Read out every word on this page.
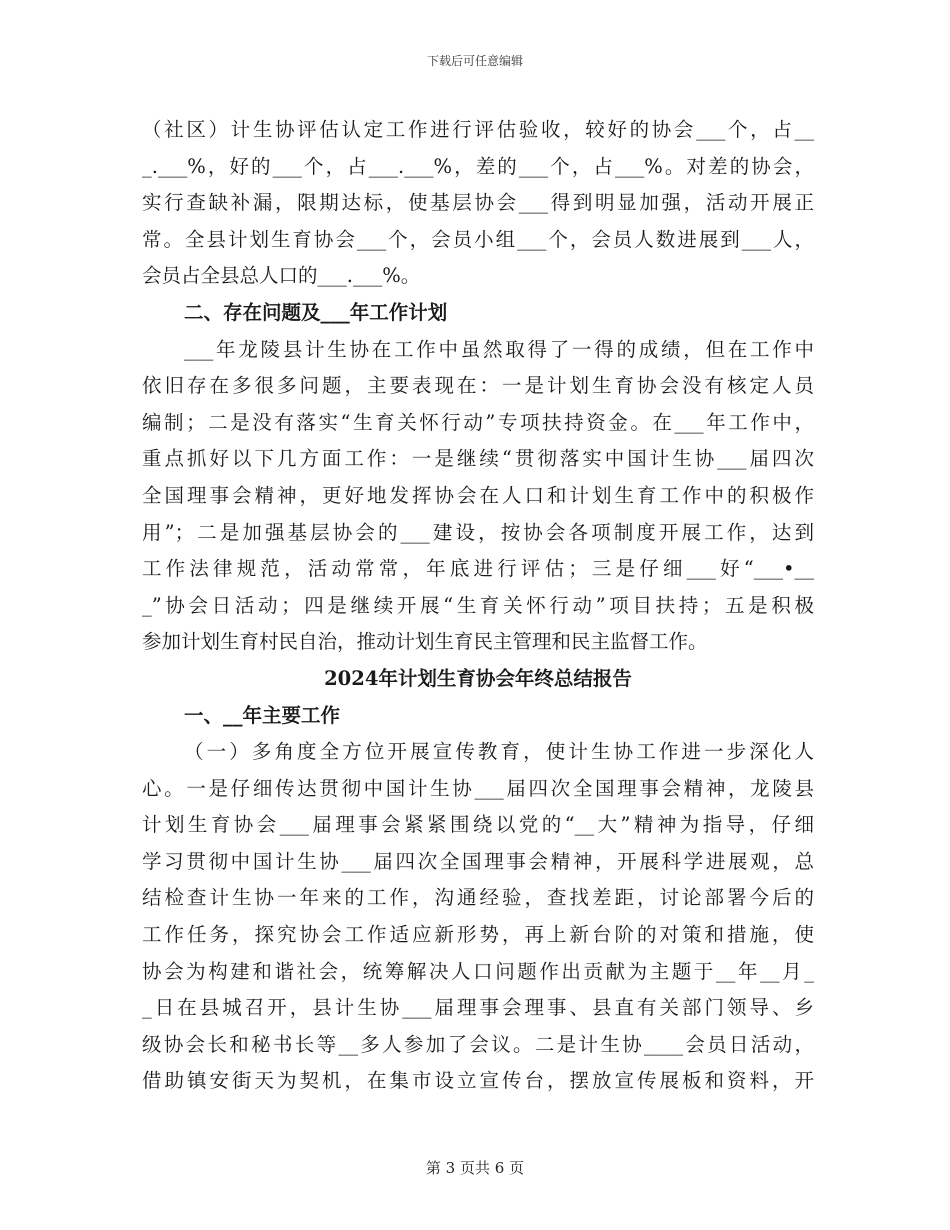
下载后可任意编辑
（社区）计生协评估认定工作进行评估验收，较好的协会___个，占__
_.___%，好的___个，占___.___%，差的___个，占___%。对差的协会，
实行查缺补漏，限期达标，使基层协会___得到明显加强，活动开展正
常。全县计划生育协会___个，会员小组___个，会员人数进展到___人，
会员占全县总人口的___.___%。
二、存在问题及___年工作计划
___年龙陵县计生协在工作中虽然取得了一得的成绩，但在工作中
依旧存在多很多问题，主要表现在：一是计划生育协会没有核定人员
编制；二是没有落实“生育关怀行动”专项扶持资金。在___年工作中，
重点抓好以下几方面工作：一是继续“贯彻落实中国计生协___届四次
全国理事会精神，更好地发挥协会在人口和计划生育工作中的积极作
用”；二是加强基层协会的___建设，按协会各项制度开展工作，达到
工作法律规范，活动常常，年底进行评估；三是仔细___好“___•__
_”协会日活动；四是继续开展“生育关怀行动”项目扶持；五是积极
参加计划生育村民自治，推动计划生育民主管理和民主监督工作。
2024年计划生育协会年终总结报告
一、__年主要工作
（一）多角度全方位开展宣传教育，使计生协工作进一步深化人
心。一是仔细传达贯彻中国计生协___届四次全国理事会精神，龙陵县
计划生育协会___届理事会紧紧围绕以党的“__大”精神为指导，仔细
学习贯彻中国计生协___届四次全国理事会精神，开展科学进展观，总
结检查计生协一年来的工作，沟通经验，查找差距，讨论部署今后的
工作任务，探究协会工作适应新形势，再上新台阶的对策和措施，使
协会为构建和谐社会，统筹解决人口问题作出贡献为主题于__年__月_
_日在县城召开，县计生协___届理事会理事、县直有关部门领导、乡
级协会长和秘书长等__多人参加了会议。二是计生协____会员日活动，
借助镇安街天为契机，在集市设立宣传台，摆放宣传展板和资料，开
第 3 页共 6 页
